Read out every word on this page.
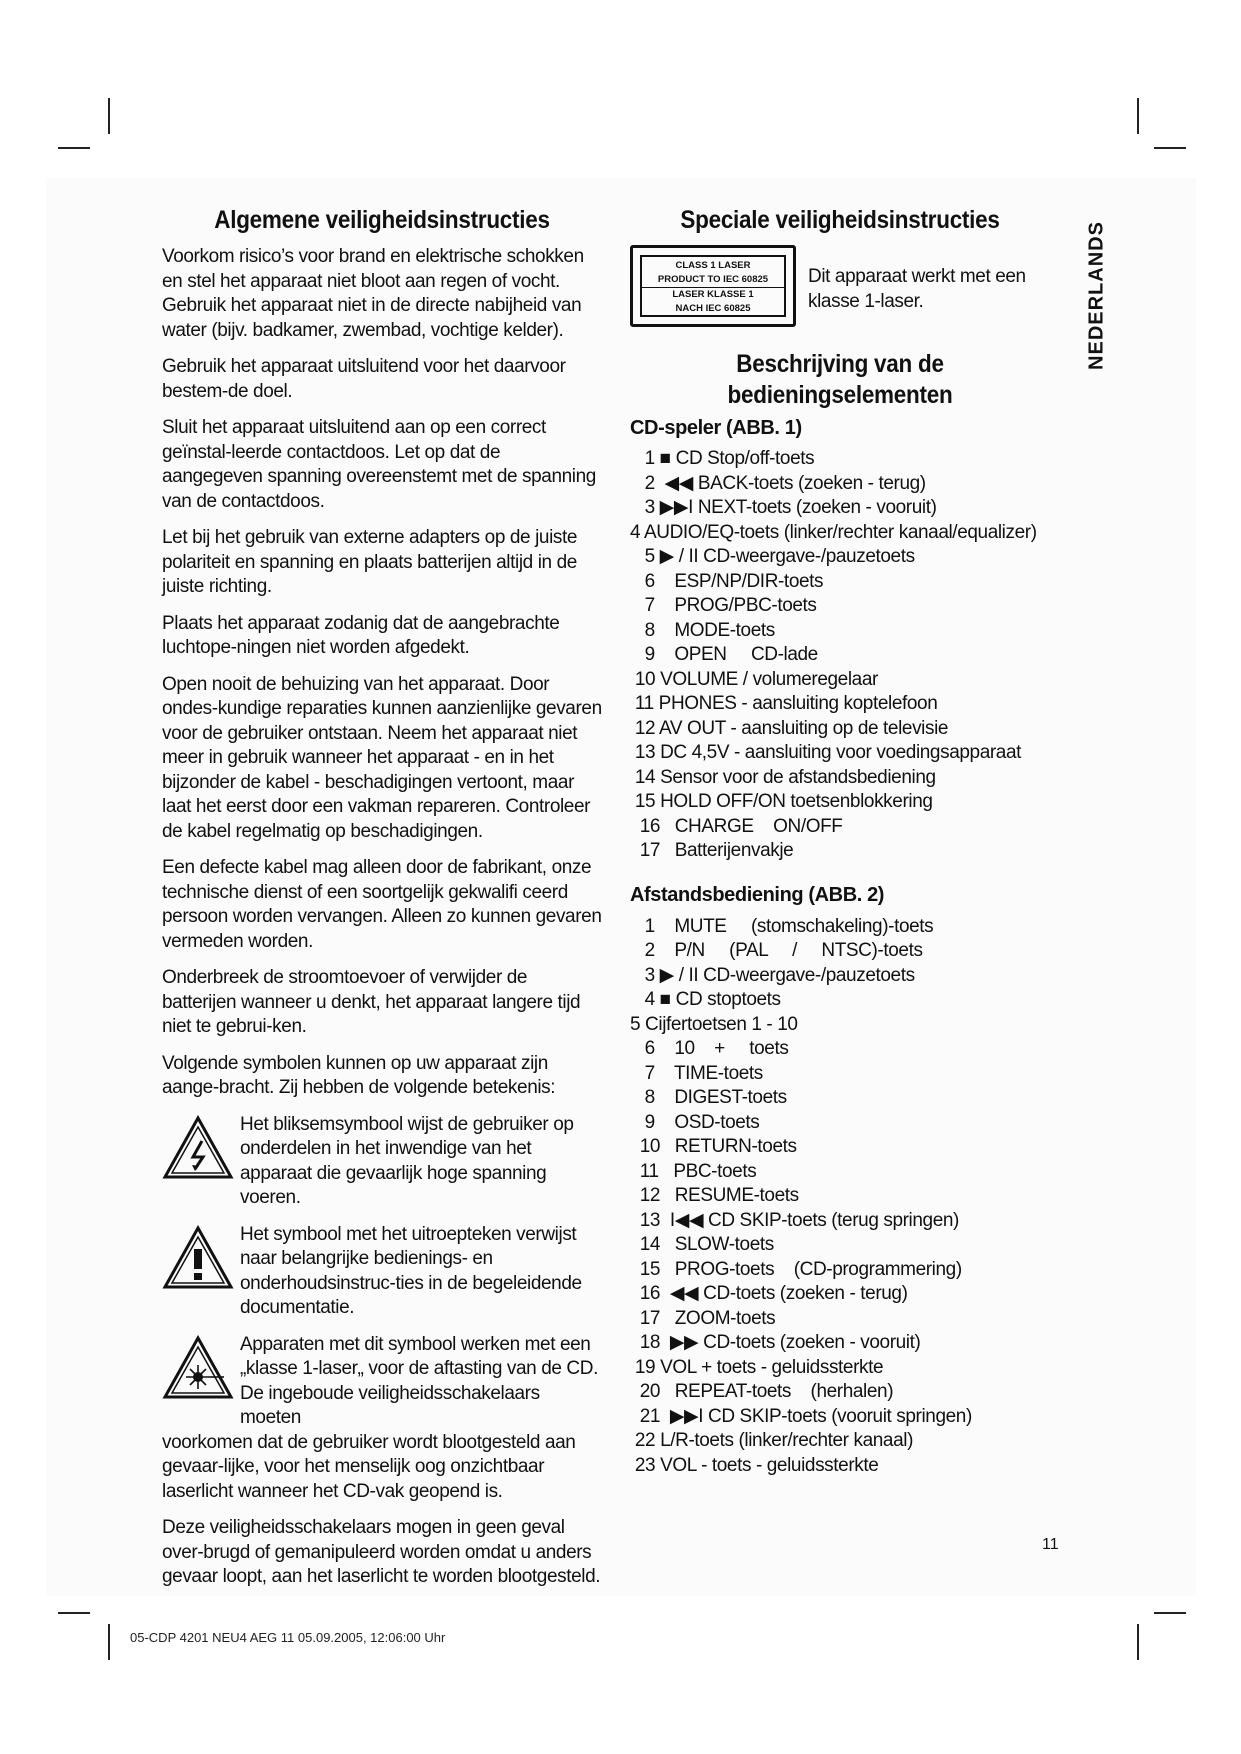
Algemene veiligheidsinstructies

Voorkom risico’s voor brand en elektrische schokken en stel het apparaat niet bloot aan regen of vocht. Gebruik het apparaat niet in de directe nabijheid van water (bijv. badkamer, zwembad, vochtige kelder).

Gebruik het apparaat uitsluitend voor het daarvoor bestem-de doel.

Sluit het apparaat uitsluitend aan op een correct geïnstal-leerde contactdoos. Let op dat de aangegeven spanning overeenstemt met de spanning van de contactdoos.

Let bij het gebruik van externe adapters op de juiste polariteit en spanning en plaats batterijen altijd in de juiste richting.

Plaats het apparaat zodanig dat de aangebrachte luchtope-ningen niet worden afgedekt.

Open nooit de behuizing van het apparaat. Door ondes-kundige reparaties kunnen aanzienlijke gevaren voor de gebruiker ontstaan. Neem het apparaat niet meer in gebruik wanneer het apparaat - en in het bijzonder de kabel - beschadigingen vertoont, maar laat het eerst door een vakman repareren. Controleer de kabel regelmatig op beschadigingen.

Een defecte kabel mag alleen door de fabrikant, onze technische dienst of een soortgelijk gekwalifi ceerd persoon worden vervangen. Alleen zo kunnen gevaren vermeden worden.

Onderbreek de stroomtoevoer of verwijder de batterijen wanneer u denkt, het apparaat langere tijd niet te gebrui-ken.

Volgende symbolen kunnen op uw apparaat zijn aange-bracht. Zij hebben de volgende betekenis:

Het bliksemsymbool wijst de gebruiker op onderdelen in het inwendige van het apparaat die gevaarlijk hoge spanning voeren.
Het symbool met het uitroepteken verwijst naar belangrijke bedienings- en onderhoudsinstruc-ties in de begeleidende documentatie.
Apparaten met dit symbool werken met een „klasse 1-laser„ voor de aftasting van de CD. De ingeboude veiligheidsschakelaars moeten

voorkomen dat de gebruiker wordt blootgesteld aan gevaar-lijke, voor het menselijk oog onzichtbaar laserlicht wanneer het CD-vak geopend is.

Deze veiligheidsschakelaars mogen in geen geval over-brugd of gemanipuleerd worden omdat u anders gevaar loopt, aan het laserlicht te worden blootgesteld.

Speciale veiligheidsinstructies
CLASS 1 LASER
PRODUCT TO IEC 60825
LASER KLASSE 1
NACH IEC 60825
Dit apparaat werkt met een klasse 1-laser.
Beschrijving van de
bedieningselementen

CD-speler (ABB. 1)

1 ■ CD Stop/off-toets
2  ◀◀ BACK-toets (zoeken - terug)
3 ▶▶I NEXT-toets (zoeken - vooruit)
4 AUDIO/EQ-toets (linker/rechter kanaal/equalizer)
5 ▶ / II CD-weergave-/pauzetoets
6    ESP/NP/DIR-toets
7    PROG/PBC-toets
8    MODE-toets
9    OPEN     CD-lade
10 VOLUME / volumeregelaar
11 PHONES - aansluiting koptelefoon
12 AV OUT - aansluiting op de televisie
13 DC 4,5V - aansluiting voor voedingsapparaat
14 Sensor voor de afstandsbediening
15 HOLD OFF/ON toetsenblokkering
16   CHARGE    ON/OFF
17   Batterijenvakje

Afstandsbediening (ABB. 2)

1    MUTE     (stomschakeling)-toets
2    P/N     (PAL     /     NTSC)-toets
3 ▶ / II CD-weergave-/pauzetoets
4 ■ CD stoptoets
5 Cijfertoetsen 1 - 10
6    10    +     toets
7    TIME-toets
8    DIGEST-toets
9    OSD-toets
10   RETURN-toets
11   PBC-toets
12   RESUME-toets
13  I◀◀ CD SKIP-toets (terug springen)
14   SLOW-toets
15   PROG-toets    (CD-programmering)
16  ◀◀ CD-toets (zoeken - terug)
17   ZOOM-toets
18  ▶▶ CD-toets (zoeken - vooruit)
19 VOL + toets - geluidssterkte
20   REPEAT-toets    (herhalen)
21  ▶▶I CD SKIP-toets (vooruit springen)
22 L/R-toets (linker/rechter kanaal)
23 VOL - toets - geluidssterkte
NEDERLANDS
11
05-CDP 4201 NEU4 AEG 11 05.09.2005, 12:06:00 Uhr
